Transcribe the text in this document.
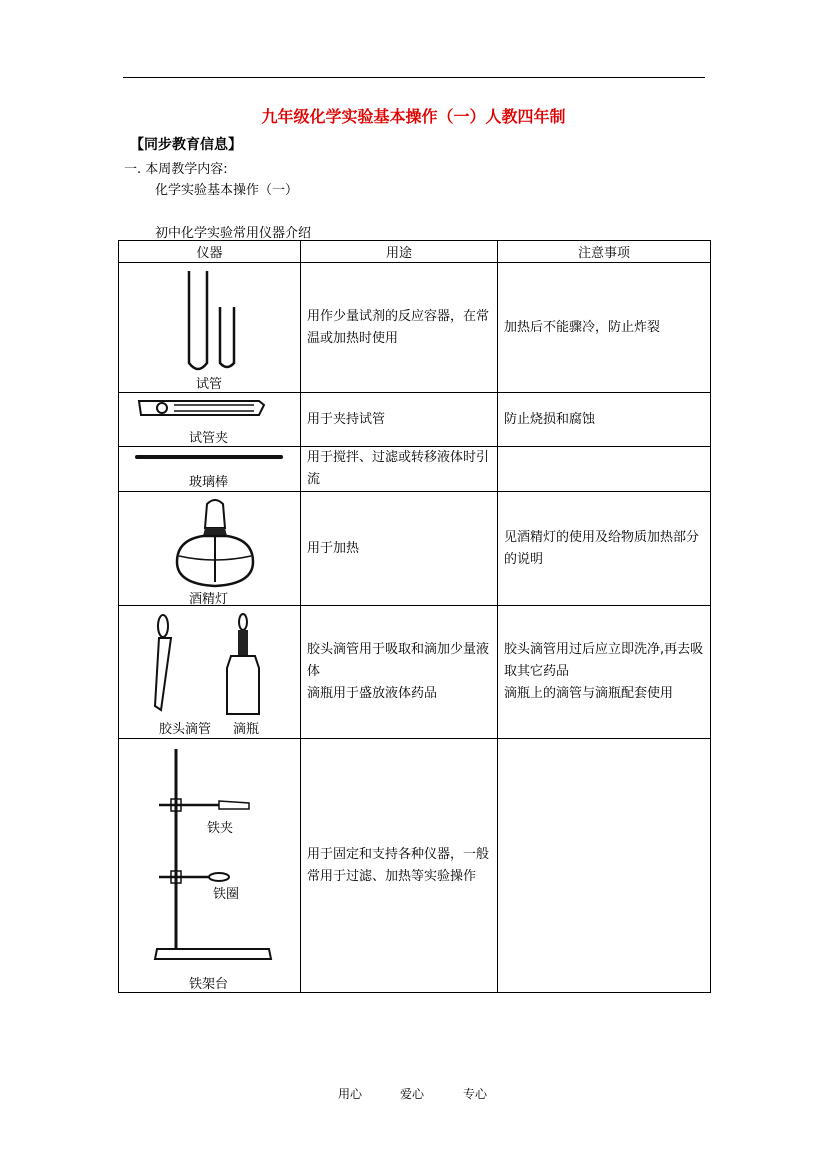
九年级化学实验基本操作（一）人教四年制
【同步教育信息】
一. 本周教学内容:
化学实验基本操作（一）
初中化学实验常用仪器介绍
仪器	用途	注意事项

试管	用作少量试剂的反应容器，在常温或加热时使用	加热后不能骤冷，防止炸裂

试管夹	用于夹持试管	防止烧损和腐蚀

玻璃棒	用于搅拌、过滤或转移液体时引流	

酒精灯	用于加热	见酒精灯的使用及给物质加热部分的说明

胶头滴管 滴瓶	胶头滴管用于吸取和滴加少量液体
滴瓶用于盛放液体药品	胶头滴管用过后应立即洗净,再去吸取其它药品
滴瓶上的滴管与滴瓶配套使用

铁夹
铁圈
铁架台	用于固定和支持各种仪器，一般常用于过滤、加热等实验操作	
用心	爱心	专心
